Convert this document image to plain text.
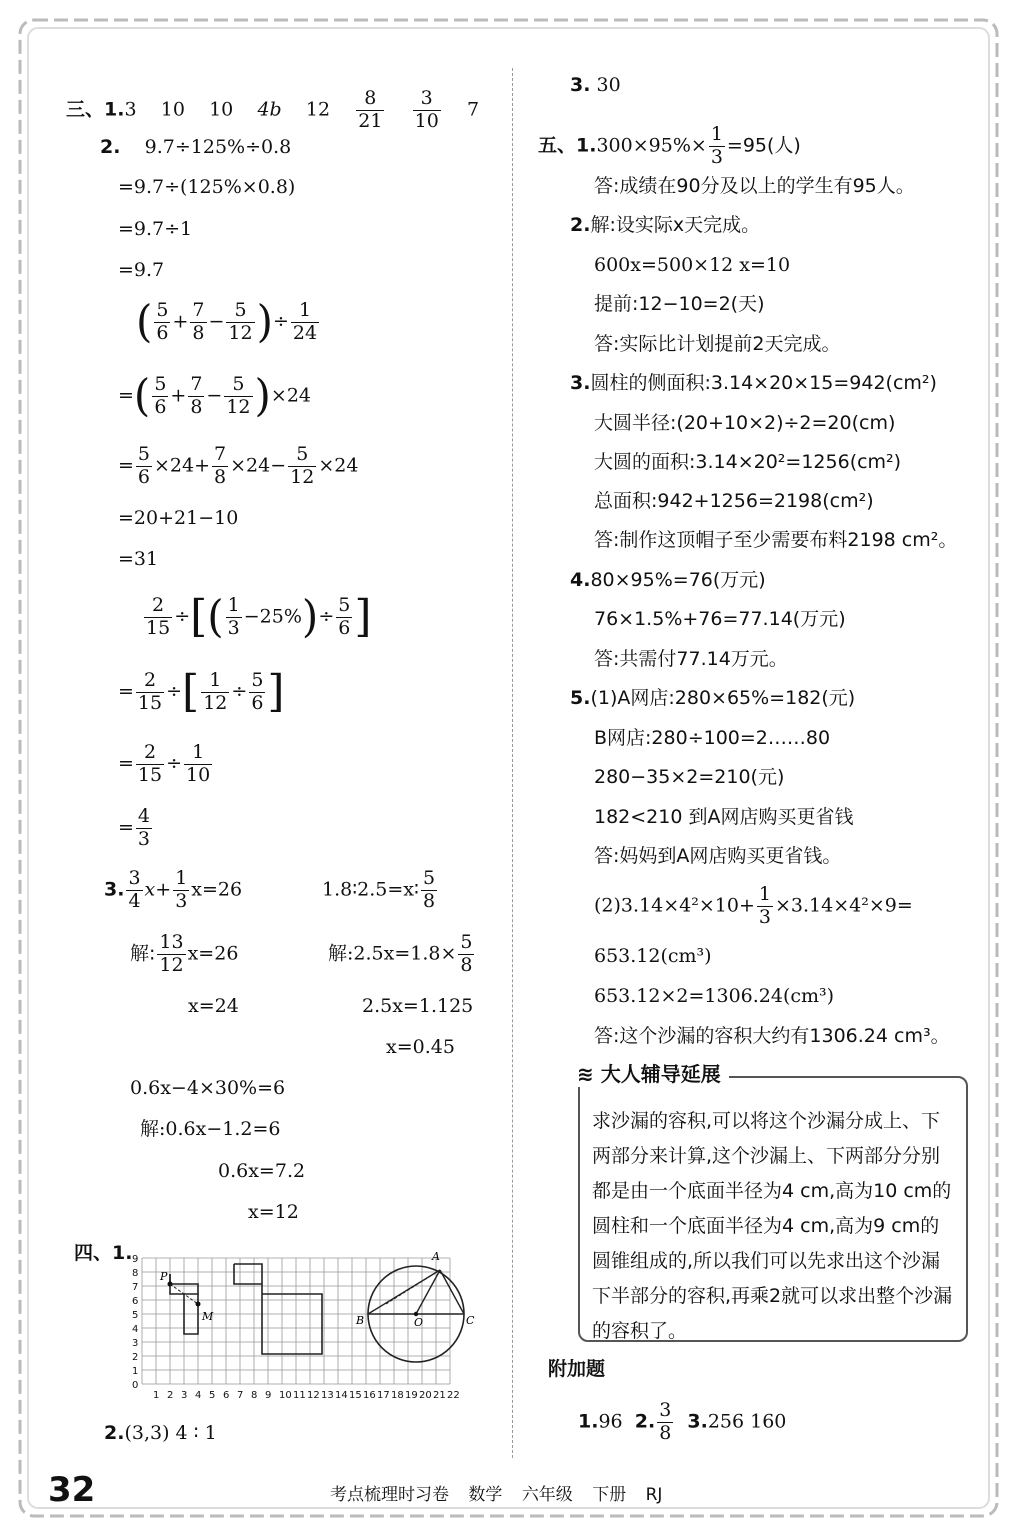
三、1.3 10 10 4b $12 \frac{8}{21}$
$\frac{3}{10} 7$
2. 9.7÷125%÷0.8
=9.7÷(125%×0.8)
=9.7÷1
=9.7
( $\frac{5}{6} + \frac{7}{8} - \frac{5}{12}$ )÷ $\frac{1}{24}$
=( $\frac{5}{6} + \frac{7}{8} - \frac{5}{12} )\times 24$
= $\frac{5}{6} \times 24+ \frac{7}{8} \times 24- \frac{5}{12} \times 24$
=20+21−10
=31
$\frac{2}{15}$ ÷[( $\frac{1}{3} -25\%)\div \frac{5}{6}$ ]
= $\frac{2}{15}$ ÷[ $\frac{1}{12} \div \frac{5}{6}$ ]
= $\frac{2}{15} \div \frac{1}{10}$
= $\frac{4}{3}$
3. $\frac{3}{4} x+ \frac{1}{3} x=26$
解: $\frac{13}{12} x=26$
x=24
1.8∶2.5=x∶ $\frac{5}{8}$
解:2.5x=1.8× $\frac{5}{8}$
2.5x=1.125
x=0.45
0.6x−4×30%=6
解:0.6x−1.2=6
0.6x=7.2
x=12
四、1.
0
1
2
3
4
5
6
7
8
9
1 2 3 4 5 6 7 8 9 10 11 12 13 14 15 16 17 18 19 20 21 22
P
M
A
B	O	C
2.(3,3) 4 ∶ 1
3. 30
五、$1.300\times 95\%\times \frac{1}{3} =95$(人)
答:成绩在90分及以上的学生有95人。
2.解:设实际x天完成。
600x=500×12 x=10
提前:12−10=2(天)
答:实际比计划提前2天完成。
3.圆柱的侧面积:3.14×20×15=942(cm²)
大圆半径:(20+10×2)÷2=20(cm)
大圆的面积:3.14×20²=1256(cm²)
总面积:942+1256=2198(cm²)
答:制作这顶帽子至少需要布料2198 cm²。
4.80×95%=76(万元)
76×1.5%+76=77.14(万元)
答:共需付77.14万元。
5.(1)A网店:280×65%=182(元)
B网店:280÷100=2……80
280−35×2=210(元)
182<210 到A网店购买更省钱
答:妈妈到A网店购买更省钱。
$(2)3.14\times 4^2\times 10+ \frac{1}{3} \times 3.14\times 4^2\times 9=$
653.12(cm³)
653.12×2=1306.24(cm³)
答:这个沙漏的容积大约有1306.24 cm³。
≋ 大人辅导延展
求沙漏的容积,可以将这个沙漏分成上、下两部分来计算,这个沙漏上、下两部分分别都是由一个底面半径为4 cm,高为10 cm的圆柱和一个底面半径为4 cm,高为9 cm的圆锥组成的,所以我们可以先求出这个沙漏下半部分的容积,再乘2就可以求出整个沙漏的容积了。
附加题
1.96 2. $\frac{3}{8} 3.256$ 160
32	考点梳理时习卷 数学 六年级 下册 RJ
